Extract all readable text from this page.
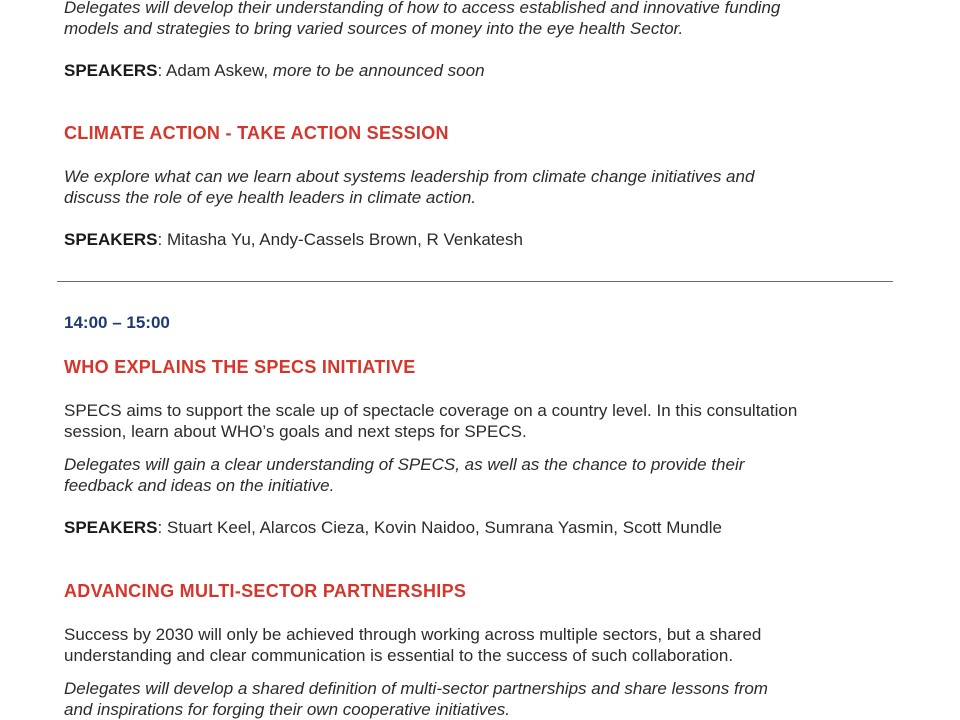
Delegates will develop their understanding of how to access established and innovative funding

models and strategies to bring varied sources of money into the eye health Sector.

SPEAKERS: Adam Askew, more to be announced soon

CLIMATE ACTION - TAKE ACTION SESSION

We explore what can we learn about systems leadership from climate change initiatives and

discuss the role of eye health leaders in climate action.

SPEAKERS: Mitasha Yu, Andy-Cassels Brown, R Venkatesh

14:00 – 15:00

WHO EXPLAINS THE SPECS INITIATIVE

SPECS aims to support the scale up of spectacle coverage on a country level. In this consultation

session, learn about WHO’s goals and next steps for SPECS.

Delegates will gain a clear understanding of SPECS, as well as the chance to provide their

feedback and ideas on the initiative.

SPEAKERS: Stuart Keel, Alarcos Cieza, Kovin Naidoo, Sumrana Yasmin, Scott Mundle

ADVANCING MULTI-SECTOR PARTNERSHIPS

Success by 2030 will only be achieved through working across multiple sectors, but a shared

understanding and clear communication is essential to the success of such collaboration.

Delegates will develop a shared definition of multi-sector partnerships and share lessons from

and inspirations for forging their own cooperative initiatives.
